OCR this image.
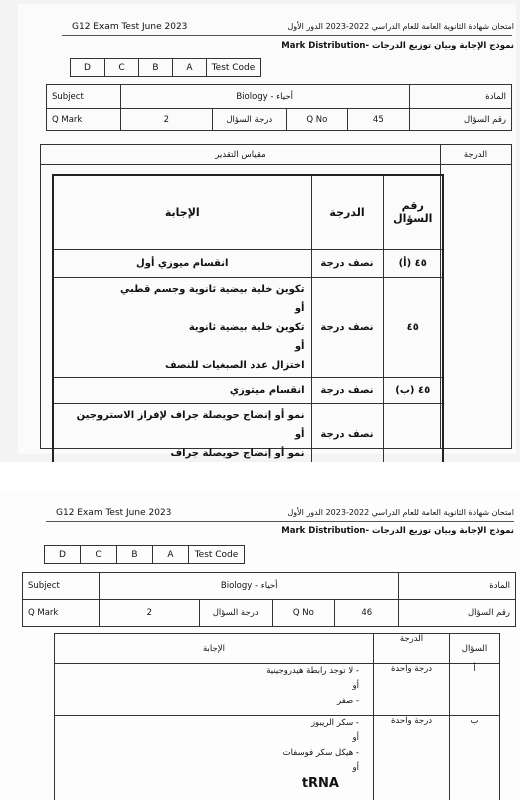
G12 Exam Test June 2023	امتحان شهادة الثانوية العامة للعام الدراسي 2022-2023 الدور الأول
نموذج الإجابة وبيان توزيع الدرجات -Mark Distribution
D	C	B	A	Test Code
Subject	أحياء - Biology				المادة
Q Mark	2	درجة السؤال	Q No	45	رقم السؤال
مقياس التقدير	الدرجة
رقم
السؤال	الدرجة	الإجابة
٤٥ (أ)	نصف درجة	انقسام ميوزي أول
٤٥	نصف درجة	تكوين خلية بيضية ثانوية وجسم قطبي
أو
تكوين خلية بيضية ثانوية
أو
اختزال عدد الصبغيات للنصف

٤٥ (ب)	نصف درجة	انقسام ميتوزي
	نصف درجة	نمو أو إنضاج حويصلة جراف لإفراز الاستروجين
أو
نمو أو إنضاج حويصلة جراف
G12 Exam Test June 2023	امتحان شهادة الثانوية العامة للعام الدراسي 2022-2023 الدور الأول
نموذج الإجابة وبيان توزيع الدرجات -Mark Distribution
D	C	B	A	Test Code
Subject	أحياء - Biology				المادة
Q Mark	2	درجة السؤال	Q No	46	رقم السؤال
السؤال	الدرجة	الإجابة
أ	درجة واحدة	- لا توجد رابطة هيدروجينية
أو
- صفر

ب	درجة واحدة	- سكر الريبوز
أو
- هيكل سكر فوسفات
أو
tRNA
